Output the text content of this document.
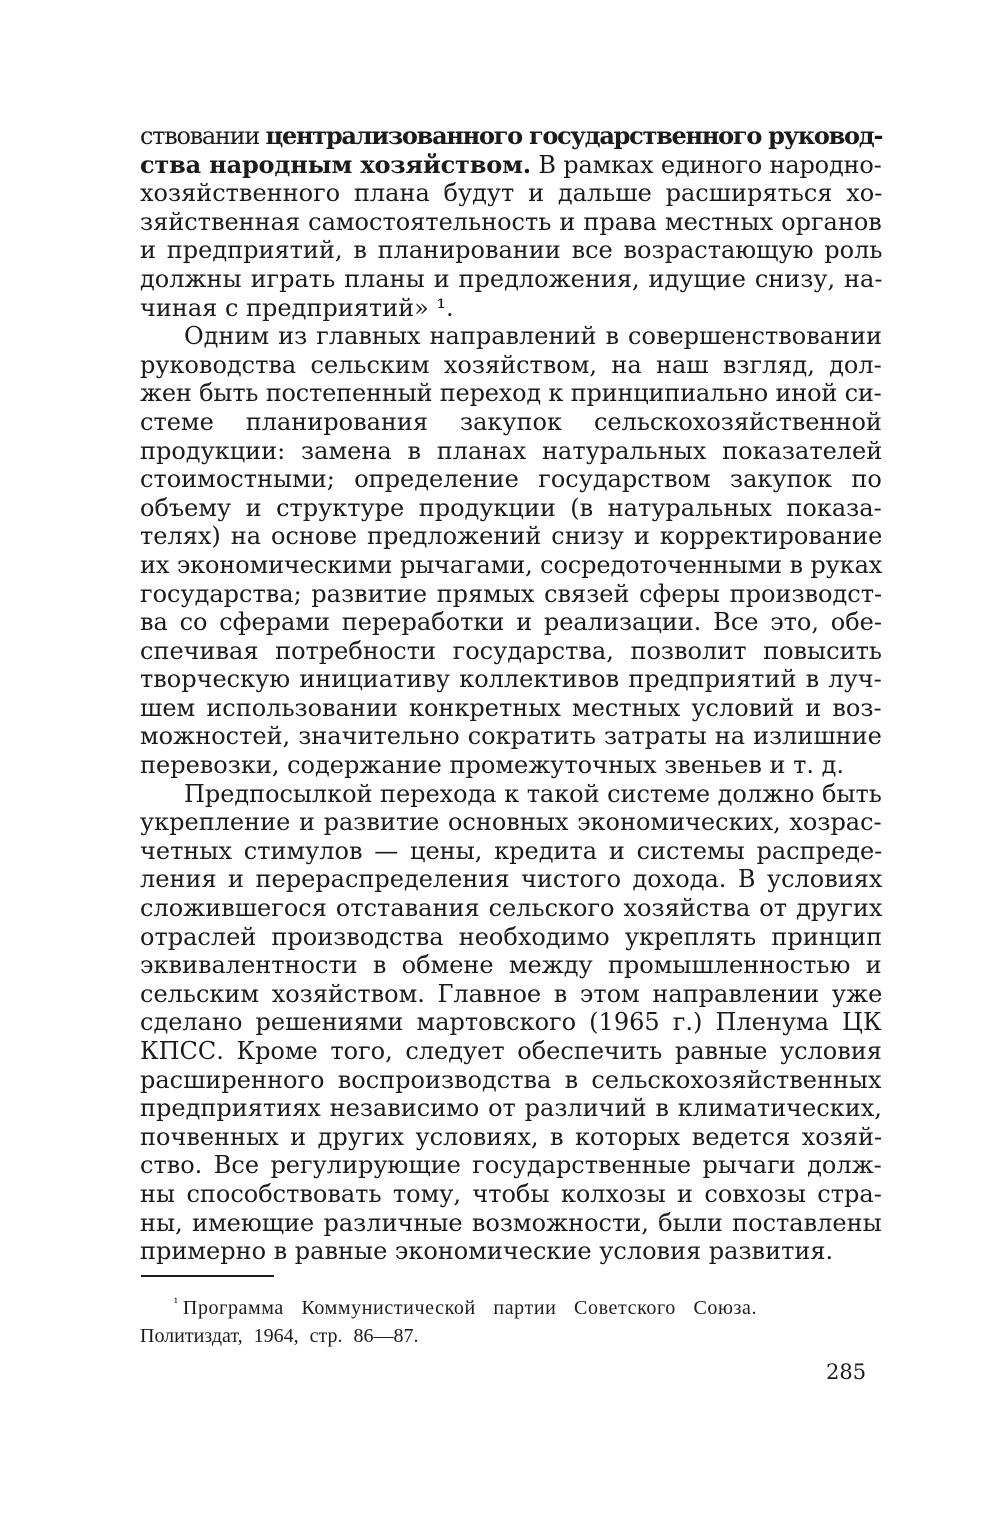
ствовании централизованного государственного руковод-
ства народным хозяйством. В рамках единого народно-
хозяйственного плана будут и дальше расширяться хо-
зяйственная самостоятельность и права местных органов
и предприятий, в планировании все возрастающую роль
должны играть планы и предложения, идущие снизу, на-
чиная с предприятий» ¹.
Одним из главных направлений в совершенствовании
руководства сельским хозяйством, на наш взгляд, дол-
жен быть постепенный переход к принципиально иной си-
стеме планирования закупок сельскохозяйственной
продукции: замена в планах натуральных показателей
стоимостными; определение государством закупок по
объему и структуре продукции (в натуральных показа-
телях) на основе предложений снизу и корректирование
их экономическими рычагами, сосредоточенными в руках
государства; развитие прямых связей сферы производст-
ва со сферами переработки и реализации. Все это, обе-
спечивая потребности государства, позволит повысить
творческую инициативу коллективов предприятий в луч-
шем использовании конкретных местных условий и воз-
можностей, значительно сократить затраты на излишние
перевозки, содержание промежуточных звеньев и т. д.
Предпосылкой перехода к такой системе должно быть
укрепление и развитие основных экономических, хозрас-
четных стимулов — цены, кредита и системы распреде-
ления и перераспределения чистого дохода. В условиях
сложившегося отставания сельского хозяйства от других
отраслей производства необходимо укреплять принцип
эквивалентности в обмене между промышленностью и
сельским хозяйством. Главное в этом направлении уже
сделано решениями мартовского (1965 г.) Пленума ЦК
КПСС. Кроме того, следует обеспечить равные условия
расширенного воспроизводства в сельскохозяйственных
предприятиях независимо от различий в климатических,
почвенных и других условиях, в которых ведется хозяй-
ство. Все регулирующие государственные рычаги долж-
ны способствовать тому, чтобы колхозы и совхозы стра-
ны, имеющие различные возможности, были поставлены
примерно в равные экономические условия развития.
$^{^1}$ Программа Коммунистической партии Советского Союза.
Политиздат, 1964, стр. 86—87.
285
